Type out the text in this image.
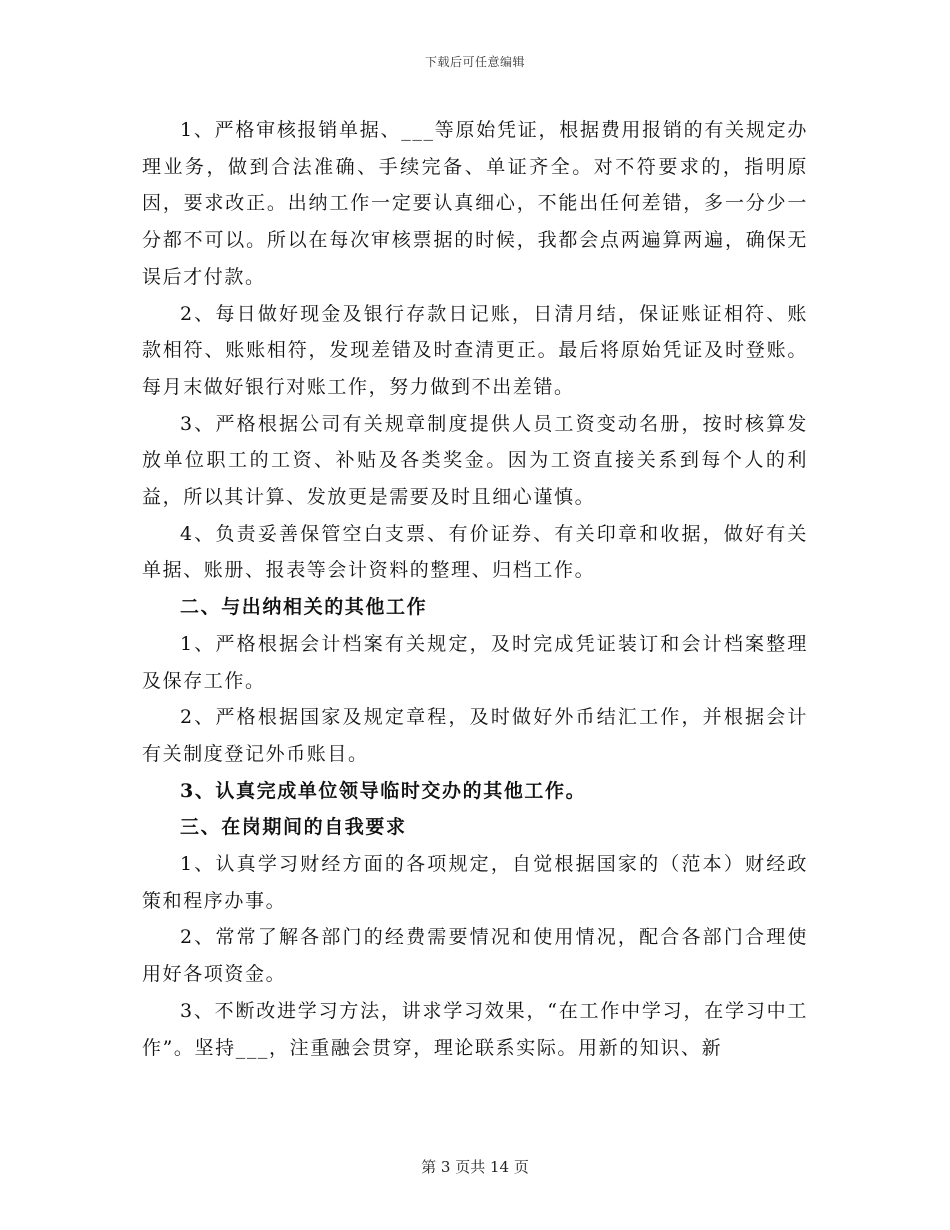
下载后可任意编辑

1、严格审核报销单据、___等原始凭证，根据费用报销的有关规定办理业务，做到合法准确、手续完备、单证齐全。对不符要求的，指明原因，要求改正。出纳工作一定要认真细心，不能出任何差错，多一分少一分都不可以。所以在每次审核票据的时候，我都会点两遍算两遍，确保无误后才付款。

2、每日做好现金及银行存款日记账，日清月结，保证账证相符、账款相符、账账相符，发现差错及时查清更正。最后将原始凭证及时登账。每月末做好银行对账工作，努力做到不出差错。

3、严格根据公司有关规章制度提供人员工资变动名册，按时核算发放单位职工的工资、补贴及各类奖金。因为工资直接关系到每个人的利益，所以其计算、发放更是需要及时且细心谨慎。

4、负责妥善保管空白支票、有价证券、有关印章和收据，做好有关单据、账册、报表等会计资料的整理、归档工作。

二、与出纳相关的其他工作

1、严格根据会计档案有关规定，及时完成凭证装订和会计档案整理及保存工作。

2、严格根据国家及规定章程，及时做好外币结汇工作，并根据会计有关制度登记外币账目。

3、认真完成单位领导临时交办的其他工作。

三、在岗期间的自我要求

1、认真学习财经方面的各项规定，自觉根据国家的（范本）财经政策和程序办事。

2、常常了解各部门的经费需要情况和使用情况，配合各部门合理使用好各项资金。

3、不断改进学习方法，讲求学习效果，“在工作中学习，在学习中工作”。坚持___，注重融会贯穿，理论联系实际。用新的知识、新

第 3 页共 14 页
